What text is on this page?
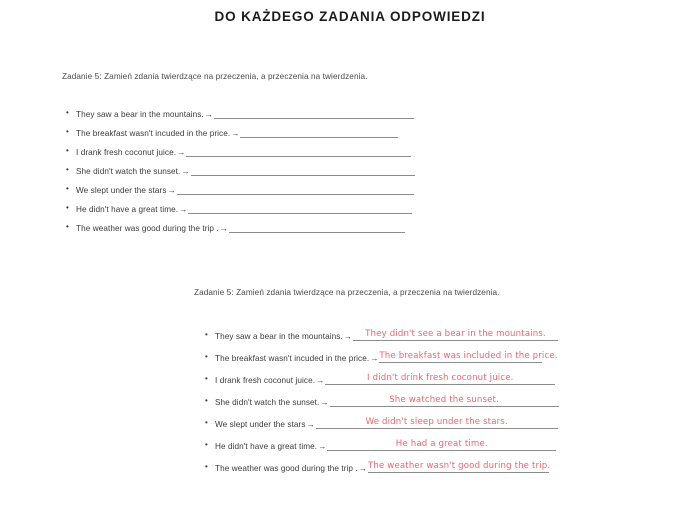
DO KAŻDEGO ZADANIA ODPOWIEDZI
Zadanie 5: Zamień zdania twierdzące na przeczenia, a przeczenia na twierdzenia.
•
They saw a bear in the mountains. →
•
The breakfast wasn't incuded in the price. →
•
I drank fresh coconut juice. →
•
She didn't watch the sunset. →
•
We slept under the stars →
•
He didn't have a great time. →
•
The weather was good during the trip . →
Zadanie 5: Zamień zdania twierdzące na przeczenia, a przeczenia na twierdzenia.
•
They saw a bear in the mountains. →	They didn't see a bear in the mountains.
•
The breakfast wasn't incuded in the price. → The breakfast was included in the price.
•
I drank fresh coconut juice. →	I didn't drink fresh coconut juice.
•
She didn't watch the sunset. →	She watched the sunset.
•
We slept under the stars →	We didn't sleep under the stars.
•
He didn't have a great time. →	He had a great time.
•
The weather was good during the trip . → The weather wasn't good during the trip.
